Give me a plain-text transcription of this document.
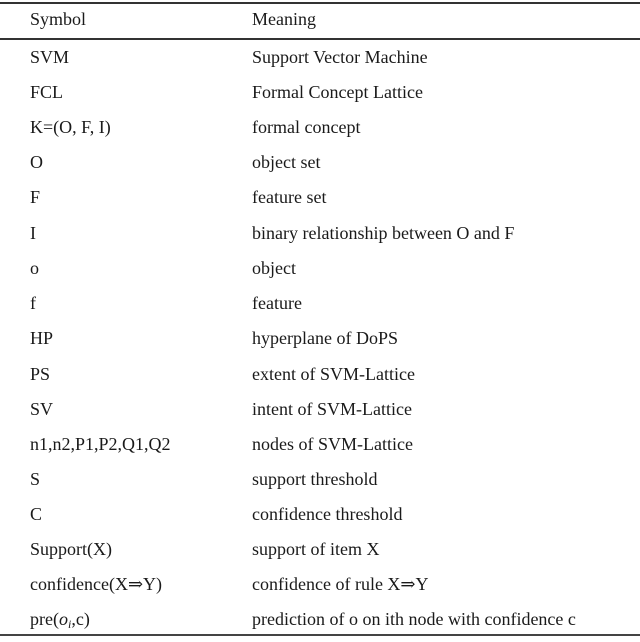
Symbol	Meaning
SVM	Support Vector Machine
FCL	Formal Concept Lattice
K=(O, F, I)	formal concept
O	object set
F	feature set
I	binary relationship between O and F
o	object
f	feature
HP	hyperplane of DoPS
PS	extent of SVM-Lattice
SV	intent of SVM-Lattice
n1,n2,P1,P2,Q1,Q2	nodes of SVM-Lattice
S	support threshold
C	confidence threshold
Support(X)	support of item X
confidence(X⇒Y)	confidence of rule X⇒Y
$pre(o_i,c)$	prediction of o on ith node with confidence c
